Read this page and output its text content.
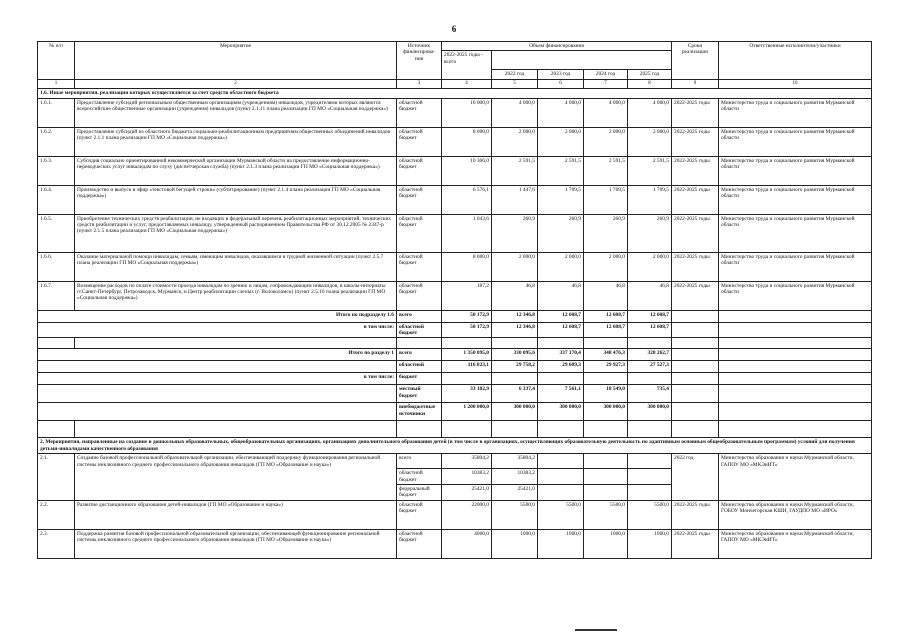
6
№ п/п	Мероприятие	Источник финансирова-ния	Объем финансирования					Сроки реализации	Ответственные исполнители/участники
			2022-2025 годы - всего						
				2022 год	2023 год	2024 год	2025 год		
1	2	3	4	5	6	7	8	9	10
1.6. Иные мероприятия, реализация которых осуществляется за счет средств областного бюджета									
1.6.1.	Предоставление субсидий региональным общественным организациям (учреждениям) инвалидов, учредителями которых являются всероссийские общественные организации (учреждения) инвалидов (пункт 2.1.11 плана реализации ГП МО «Социальная поддержка»)	областной бюджет	16 000,0	4 000,0	4 000,0	4 000,0	4 000,0	2022-2025 годы	Министерство труда и социального развития Мурманской области
1.6.2.	Предоставление субсидий из областного бюджета социально-реабилитационным предприятиям общественных объединений инвалидов (пункт 2.1.1 плана реализации ГП МО «Социальная поддержка»)	областной бюджет	8 000,0	2 000,0	2 000,0	2 000,0	2 000,0	2022-2025 годы	Министерство труда и социального развития Мурманской области
1.6.3.	Субсидия социально ориентированной некоммерческой организации Мурманской области на предоставление информационно-переводческих услуг инвалидам по слуху (диспетчерская служба) (пункт 2.1.3 плана реализации ГП МО «Социальная поддержка»)	областной бюджет	10 366,0	2 591,5	2 591,5	2 591,5	2 591,5	2022-2025 годы	Министерство труда и социального развития Мурманской области
1.6.4.	Производство и выпуск в эфир «текстовой бегущей строки» (субтитрирование) (пункт 2.1.4 плана реализации ГП МО «Социальная поддержка»)	областной бюджет	6 576,1	1 447,6	1 709,5	1 709,5	1 709,5	2022-2025 годы	Министерство труда и социального развития Мурманской области
1.6.5.	Приобретение технических средств реабилитации, не входящих в федеральный перечень реабилитационных мероприятий, технических средств реабилитации и услуг, предоставляемых инвалиду, утвержденный распоряжением Правительства РФ от 30.12.2005 № 2347-р (пункт 2.1.5 плана реализации ГП МО «Социальная поддержка»)	областной бюджет	1 043,6	260,9	260,9	260,9	260,9	2022-2025 годы	Министерство труда и социального развития Мурманской области
1.6.6.	Оказание материальной помощи инвалидам, семьям, имеющим инвалидов, оказавшимся в трудной жизненной ситуации (пункт 2.5.7 плана реализации ГП МО «Социальная поддержка»)	областной бюджет	8 000,0	2 000,0	2 000,0	2 000,0	2 000,0	2022-2025 годы	Министерство труда и социального развития Мурманской области
1.6.7.	Возмещение расходов по оплате стоимости проезда инвалидам по зрению и лицам, сопровождающим инвалидов, в школы-интернаты гг.Санкт-Петербург, Петрозаводск, Мурманск, в Центр реабилитации слепых (г. Волоколамск) (пункт 2.5.16 плана реализации ГП МО «Социальная поддержка»)	областной бюджет	187,2	46,8	46,8	46,8	46,8	2022-2025 годы	Министерство труда и социального развития Мурманской области
Итого по подразделу 1.6		всего	50 172,9	12 346,8	12 608,7	12 608,7	12 608,7		
в том числе:		областной бюджет	50 172,9	12 346,8	12 608,7	12 608,7	12 608,7		

Итого по разделу 1		всего	1 350 095,0	330 095,6	337 170,4	348 476,3	328 262,7		
		областной	116 823,1	29 758,2	29 609,3	29 927,3	27 527,3		
в том числе:		бюджет							
		местный бюджет	33 182,9	6 337,4	7 561,1	18 549,0	735,4		
		внебюджетные источники	1 200 000,0	300 000,0	300 000,0	300 000,0	300 000,0		

2. Мероприятия, направленные на создание в дошкольных образовательных, общеобразовательных организациях, организациях дополнительного образования детей (в том числе в организациях, осуществляющих образовательную деятельность по адаптивным основным общеобразовательным программам) условий для получения детьми-инвалидами качественного образования									
2.1.	Создание базовой профессиональной образовательной организации, обеспечивающей поддержку функционирования региональной системы инклюзивного среднего профессионального образования инвалидов (ГП МО «Образование и наука»)	всего	35804,2	35804,2				2022 год	Министерство образования и науки Мурманской области, ГАПОУ МО «МКЭиИТ»
		областной бюджет	10383,2	10383,2					
		федеральный бюджет	25421,0	25421,0					
2.2.	Развитие дистанционного образования детей-инвалидов (ГП МО «Образование и наука»)	областной бюджет	22000,0	5500,0	5500,0	5500,0	5500,0	2022-2025 годы	Министерство образования и науки Мурманской области, ГОБОУ Мончегорская КШИ, ГАУДПО МО «ИРО»
2.3.	Поддержка развития базовой профессиональной образовательной организации, обеспечивающей функционирование региональной системы инклюзивного среднего профессионального образования инвалидов (ГП МО «Образование и наука»)	областной бюджет	4000,0	1000,0	1000,0	1000,0	1000,0	2022-2025 годы	Министерство образования и науки Мурманской области, ГАПОУ МО «МКЭиИТ»
